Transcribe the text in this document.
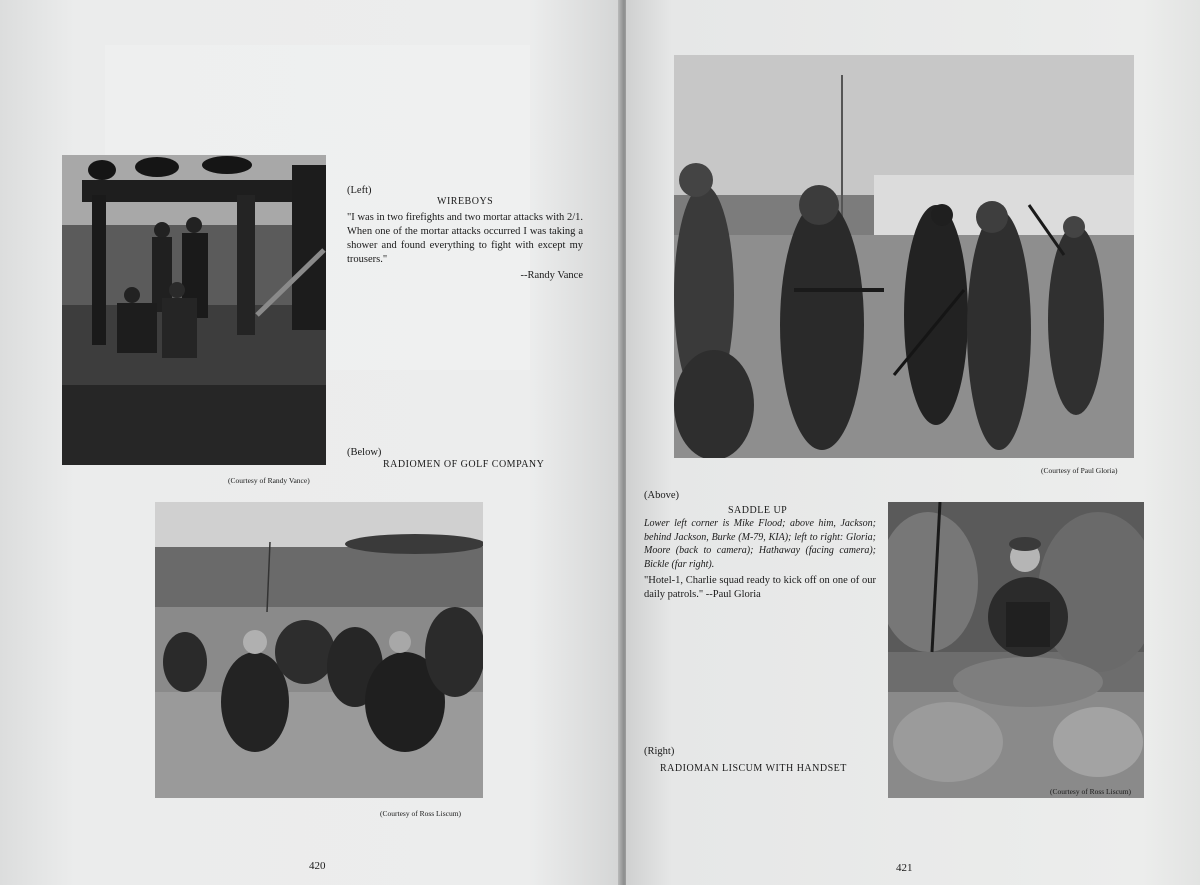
(Left)
WIREBOYS
"I was in two firefights and two mortar attacks with 2/1. When one of the mortar attacks occurred I was taking a shower and found everything to fight with except my trousers."
--Randy Vance
(Courtesy of Randy Vance)
(Below)
RADIOMEN OF GOLF COMPANY
(Courtesy of Ross Liscum)
420
(Courtesy of Paul Gloria)
(Above)
SADDLE UP
Lower left corner is Mike Flood; above him, Jackson; behind Jackson, Burke (M-79, KIA); left to right: Gloria; Moore (back to camera); Hathaway (facing camera); Bickle (far right).
"Hotel-1, Charlie squad ready to kick off on one of our daily patrols." --Paul Gloria
(Right)
RADIOMAN LISCUM WITH HANDSET
(Courtesy of Ross Liscum)
421
